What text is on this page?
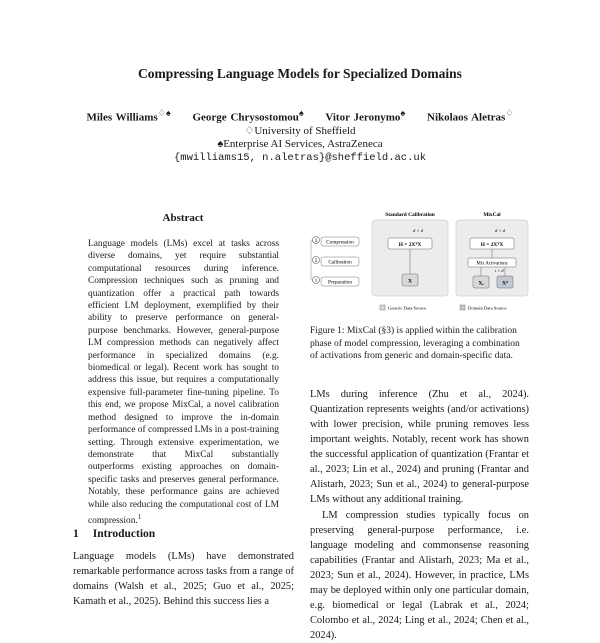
Compressing Language Models for Specialized Domains
Miles Williams♢♠ George Chrysostomou♠ Vitor Jeronymo♠ Nikolaos Aletras♢
♢University of Sheffield
♠Enterprise AI Services, AstraZeneca
{mwilliams15, n.aletras}@sheffield.ac.uk
Abstract

Language models (LMs) excel at tasks across diverse domains, yet require substantial computational resources during inference. Compression techniques such as pruning and quantization offer a practical path towards efficient LM deployment, exemplified by their ability to preserve performance on general-purpose benchmarks. However, general-purpose LM compression methods can negatively affect performance in specialized domains (e.g. biomedical or legal). Recent work has sought to address this issue, but requires a computationally expensive full-parameter fine-tuning pipeline. To this end, we propose MixCal, a novel calibration method designed to improve the in-domain performance of compressed LMs in a post-training setting. Through extensive experimentation, we demonstrate that MixCal substantially outperforms existing approaches on domain-specific tasks and preserves general performance. Notably, these performance gains are achieved while also reducing the computational cost of LM compression.$^1$

1 Introduction

Language models (LMs) have demonstrated remarkable performance across tasks from a range of domains (Walsh et al., 2025; Guo et al., 2025; Kamath et al., 2025). Behind this success lies a

3 Compression
2 Calibration
1 Preparation
Standard Calibration
d × d
H = 2XᵀX
X
MixCal
d × d
H = 2XᵀX
Mix Activations
t × d
Xₑ	Xᵈ
Generic Data Source	Domain Data Source

Figure 1: MixCal (§3) is applied within the calibration phase of model compression, leveraging a combination of activations from generic and domain-specific data.

LMs during inference (Zhu et al., 2024). Quantization represents weights (and/or activations) with lower precision, while pruning removes less important weights. Notably, recent work has shown the successful application of quantization (Frantar et al., 2023; Lin et al., 2024) and pruning (Frantar and Alistarh, 2023; Sun et al., 2024) to general-purpose LMs without any additional training.

LM compression studies typically focus on preserving general-purpose performance, i.e. language modeling and commonsense reasoning capabilities (Frantar and Alistarh, 2023; Ma et al., 2023; Sun et al., 2024). However, in practice, LMs may be deployed within only one particular domain, e.g. biomedical or legal (Labrak et al., 2024; Colombo et al., 2024; Ling et al., 2024; Chen et al., 2024).
